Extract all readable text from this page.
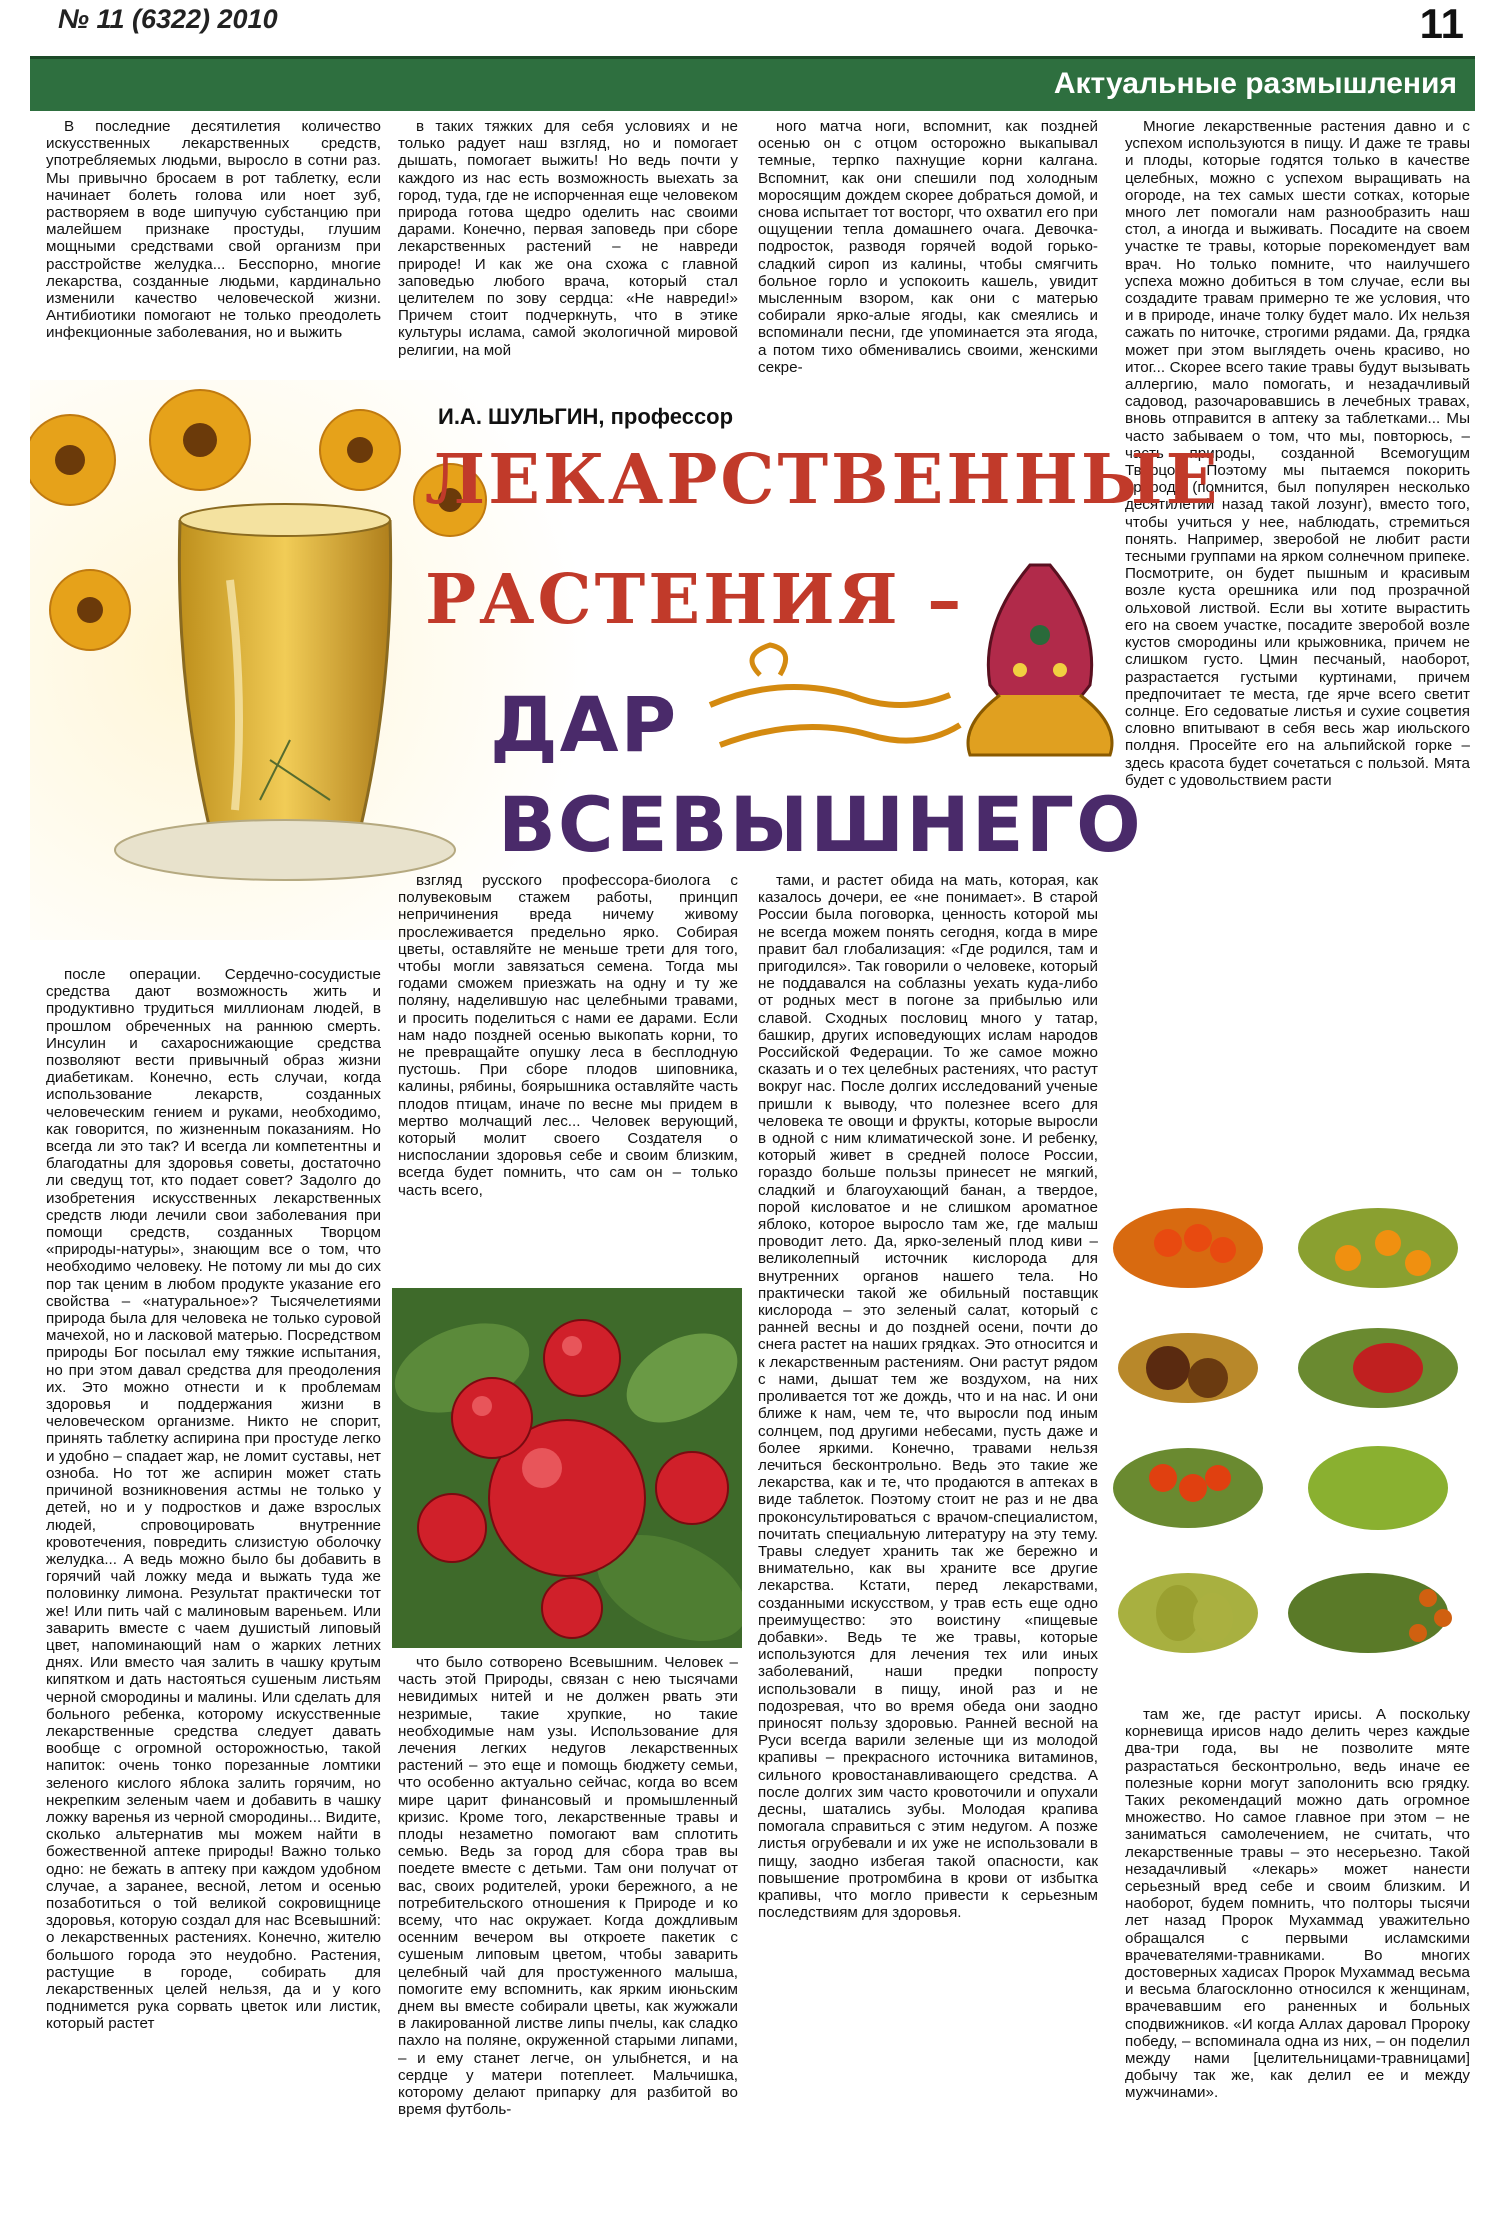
№ 11 (6322) 2010	11
Актуальные размышления

В последние десятилетия количество искусственных лекарственных средств, употребляемых людьми, выросло в сотни раз. Мы привычно бросаем в рот таблетку, если начинает болеть голова или ноет зуб, растворяем в воде шипучую субстанцию при малейшем признаке простуды, глушим мощными средствами свой организм при расстройстве желудка... Бесспорно, многие лекарства, созданные людьми, кардинально изменили качество человеческой жизни. Антибиотики помогают не только преодолеть инфекционные заболевания, но и выжить

в таких тяжких для себя условиях и не только радует наш взгляд, но и помогает дышать, помогает выжить! Но ведь почти у каждого из нас есть возможность выехать за город, туда, где не испорченная еще человеком природа готова щедро оделить нас своими дарами. Конечно, первая заповедь при сборе лекарственных растений – не навреди природе! И как же она схожа с главной заповедью любого врача, который стал целителем по зову сердца: «Не навреди!» Причем стоит подчеркнуть, что в этике культуры ислама, самой экологичной мировой религии, на мой

ного матча ноги, вспомнит, как поздней осенью он с отцом осторожно выкапывал темные, терпко пахнущие корни калгана. Вспомнит, как они спешили под холодным моросящим дождем скорее добраться домой, и снова испытает тот восторг, что охватил его при ощущении тепла домашнего очага. Девочка-подросток, разводя горячей водой горько-сладкий сироп из калины, чтобы смягчить больное горло и успокоить кашель, увидит мысленным взором, как они с матерью собирали ярко-алые ягоды, как смеялись и вспоминали песни, где упоминается эта ягода, а потом тихо обменивались своими, женскими секре-

Многие лекарственные растения давно и с успехом используются в пищу. И даже те травы и плоды, которые годятся только в качестве целебных, можно с успехом выращивать на огороде, на тех самых шести сотках, которые много лет помогали нам разнообразить наш стол, а иногда и выживать. Посадите на своем участке те травы, которые порекомендует вам врач. Но только помните, что наилучшего успеха можно добиться в том случае, если вы создадите травам примерно те же условия, что и в природе, иначе толку будет мало. Их нельзя сажать по ниточке, строгими рядами. Да, грядка может при этом выглядеть очень красиво, но итог... Скорее всего такие травы будут вызывать аллергию, мало помогать, и незадачливый садовод, разочаровавшись в лечебных травах, вновь отправится в аптеку за таблетками... Мы часто забываем о том, что мы, повторюсь, – часть природы, созданной Всемогущим Творцом. Поэтому мы пытаемся покорить природу (помнится, был популярен несколько десятилетий назад такой лозунг), вместо того, чтобы учиться у нее, наблюдать, стремиться понять. Например, зверобой не любит расти тесными группами на ярком солнечном припеке. Посмотрите, он будет пышным и красивым возле куста орешника или под прозрачной ольховой листвой. Если вы хотите вырастить его на своем участке, посадите зверобой возле кустов смородины или крыжовника, причем не слишком густо. Цмин песчаный, наоборот, разрастается густыми куртинами, причем предпочитает те места, где ярче всего светит солнце. Его седоватые листья и сухие соцветия словно впитывают в себя весь жар июльского полдня. Просейте его на альпийской горке – здесь красота будет сочетаться с пользой. Мята будет с удовольствием расти

И.А. ШУЛЬГИН, профессор
ЛЕКАРСТВЕННЫЕ
РАСТЕНИЯ –
ДАР
ВСЕВЫШНЕГО

взгляд русского профессора-биолога с полувековым стажем работы, принцип непричинения вреда ничему живому прослеживается предельно ярко. Собирая цветы, оставляйте не меньше трети для того, чтобы могли завязаться семена. Тогда мы годами сможем приезжать на одну и ту же поляну, наделившую нас целебными травами, и просить поделиться с нами ее дарами. Если нам надо поздней осенью выкопать корни, то не превращайте опушку леса в бесплодную пустошь. При сборе плодов шиповника, калины, рябины, боярышника оставляйте часть плодов птицам, иначе по весне мы придем в мертво молчащий лес... Человек верующий, который молит своего Создателя о ниспослании здоровья себе и своим близким, всегда будет помнить, что сам он – только часть всего,

тами, и растет обида на мать, которая, как казалось дочери, ее «не понимает». В старой России была поговорка, ценность которой мы не всегда можем понять сегодня, когда в мире правит бал глобализация: «Где родился, там и пригодился». Так говорили о человеке, который не поддавался на соблазны уехать куда-либо от родных мест в погоне за прибылью или славой. Сходных пословиц много у татар, башкир, других исповедующих ислам народов Российской Федерации. То же самое можно сказать и о тех целебных растениях, что растут вокруг нас. После долгих исследований ученые пришли к выводу, что полезнее всего для человека те овощи и фрукты, которые выросли в одной с ним климатической зоне. И ребенку, который живет в средней полосе России, гораздо больше пользы принесет не мягкий, сладкий и благоухающий банан, а твердое, порой кисловатое и не слишком ароматное яблоко, которое выросло там же, где малыш проводит лето. Да, ярко-зеленый плод киви – великолепный источник кислорода для внутренних органов нашего тела. Но практически такой же обильный поставщик кислорода – это зеленый салат, который с ранней весны и до поздней осени, почти до снега растет на наших грядках. Это относится и к лекарственным растениям. Они растут рядом с нами, дышат тем же воздухом, на них проливается тот же дождь, что и на нас. И они ближе к нам, чем те, что выросли под иным солнцем, под другими небесами, пусть даже и более яркими. Конечно, травами нельзя лечиться бесконтрольно. Ведь это такие же лекарства, как и те, что продаются в аптеках в виде таблеток. Поэтому стоит не раз и не два проконсультироваться с врачом-специалистом, почитать специальную литературу на эту тему. Травы следует хранить так же бережно и внимательно, как вы храните все другие лекарства. Кстати, перед лекарствами, созданными искусством, у трав есть еще одно преимущество: это воистину «пищевые добавки». Ведь те же травы, которые используются для лечения тех или иных заболеваний, наши предки попросту использовали в пищу, иной раз и не подозревая, что во время обеда они заодно приносят пользу здоровью. Ранней весной на Руси всегда варили зеленые щи из молодой крапивы – прекрасного источника витаминов, сильного кровостанавливающего средства. А после долгих зим часто кровоточили и опухали десны, шатались зубы. Молодая крапива помогала справиться с этим недугом. А позже листья огрубевали и их уже не использовали в пищу, заодно избегая такой опасности, как повышение протромбина в крови от избытка крапивы, что могло привести к серьезным последствиям для здоровья.

после операции. Сердечно-сосудистые средства дают возможность жить и продуктивно трудиться миллионам людей, в прошлом обреченных на раннюю смерть. Инсулин и сахароснижающие средства позволяют вести привычный образ жизни диабетикам. Конечно, есть случаи, когда использование лекарств, созданных человеческим гением и руками, необходимо, как говорится, по жизненным показаниям. Но всегда ли это так? И всегда ли компетентны и благодатны для здоровья советы, достаточно ли сведущ тот, кто подает совет? Задолго до изобретения искусственных лекарственных средств люди лечили свои заболевания при помощи средств, созданных Творцом «природы-натуры», знающим все о том, что необходимо человеку. Не потому ли мы до сих пор так ценим в любом продукте указание его свойства – «натуральное»? Тысячелетиями природа была для человека не только суровой мачехой, но и ласковой матерью. Посредством природы Бог посылал ему тяжкие испытания, но при этом давал средства для преодоления их. Это можно отнести и к проблемам здоровья и поддержания жизни в человеческом организме. Никто не спорит, принять таблетку аспирина при простуде легко и удобно – спадает жар, не ломит суставы, нет озноба. Но тот же аспирин может стать причиной возникновения астмы не только у детей, но и у подростков и даже взрослых людей, спровоцировать внутренние кровотечения, повредить слизистую оболочку желудка... А ведь можно было бы добавить в горячий чай ложку меда и выжать туда же половинку лимона. Результат практически тот же! Или пить чай с малиновым вареньем. Или заварить вместе с чаем душистый липовый цвет, напоминающий нам о жарких летних днях. Или вместо чая залить в чашку крутым кипятком и дать настояться сушеным листьям черной смородины и малины. Или сделать для больного ребенка, которому искусственные лекарственные средства следует давать вообще с огромной осторожностью, такой напиток: очень тонко порезанные ломтики зеленого кислого яблока залить горячим, но некрепким зеленым чаем и добавить в чашку ложку варенья из черной смородины... Видите, сколько альтернатив мы можем найти в божественной аптеке природы! Важно только одно: не бежать в аптеку при каждом удобном случае, а заранее, весной, летом и осенью позаботиться о той великой сокровищнице здоровья, которую создал для нас Всевышний: о лекарственных растениях. Конечно, жителю большого города это неудобно. Растения, растущие в городе, собирать для лекарственных целей нельзя, да и у кого поднимется рука сорвать цветок или листик, который растет

что было сотворено Всевышним. Человек – часть этой Природы, связан с нею тысячами невидимых нитей и не должен рвать эти незримые, такие хрупкие, но такие необходимые нам узы. Использование для лечения легких недугов лекарственных растений – это еще и помощь бюджету семьи, что особенно актуально сейчас, когда во всем мире царит финансовый и промышленный кризис. Кроме того, лекарственные травы и плоды незаметно помогают вам сплотить семью. Ведь за город для сбора трав вы поедете вместе с детьми. Там они получат от вас, своих родителей, уроки бережного, а не потребительского отношения к Природе и ко всему, что нас окружает. Когда дождливым осенним вечером вы откроете пакетик с сушеным липовым цветом, чтобы заварить целебный чай для простуженного малыша, помогите ему вспомнить, как ярким июньским днем вы вместе собирали цветы, как жужжали в лакированной листве липы пчелы, как сладко пахло на поляне, окруженной старыми липами, – и ему станет легче, он улыбнется, и на сердце у матери потеплеет. Мальчишка, которому делают припарку для разбитой во время футболь-

там же, где растут ирисы. А поскольку корневища ирисов надо делить через каждые два-три года, вы не позволите мяте разрастаться бесконтрольно, ведь иначе ее полезные корни могут заполонить всю грядку. Таких рекомендаций можно дать огромное множество. Но самое главное при этом – не заниматься самолечением, не считать, что лекарственные травы – это несерьезно. Такой незадачливый «лекарь» может нанести серьезный вред себе и своим близким. И наоборот, будем помнить, что полторы тысячи лет назад Пророк Мухаммад уважительно обращался с первыми исламскими врачевателями-травниками. Во многих достоверных хадисах Пророк Мухаммад весьма и весьма благосклонно относился к женщинам, врачевавшим его раненных и больных сподвижников. «И когда Аллах даровал Пророку победу, – вспоминала одна из них, – он поделил между нами [целительницами-травницами] добычу так же, как делил ее и между мужчинами».
